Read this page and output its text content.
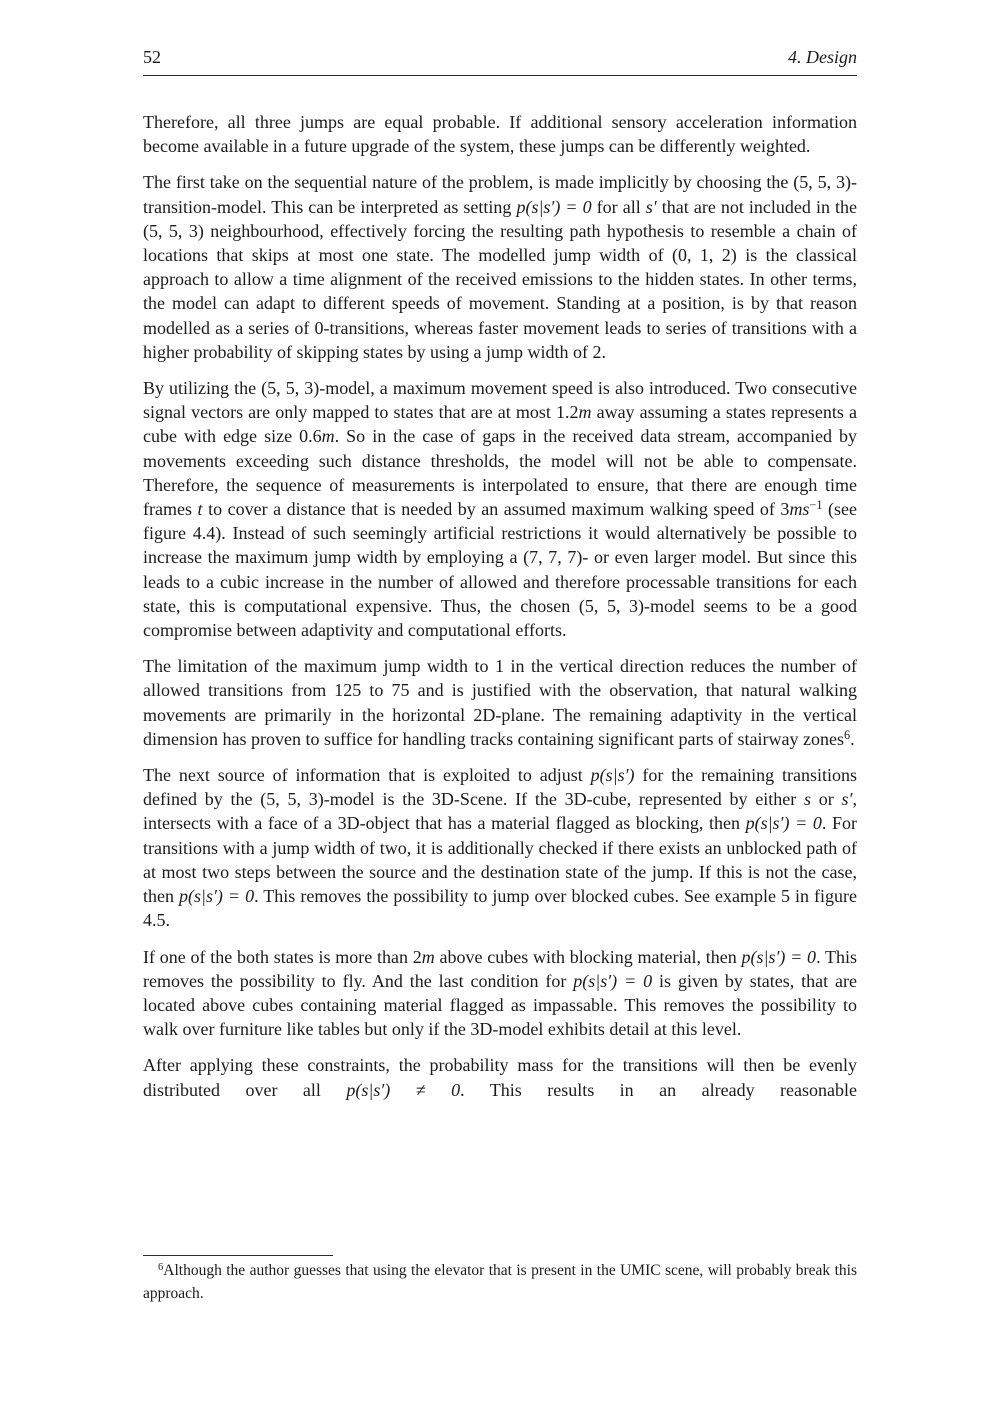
52	4. Design

Therefore, all three jumps are equal probable. If additional sensory acceleration information become available in a future upgrade of the system, these jumps can be differently weighted.

The first take on the sequential nature of the problem, is made implicitly by choosing the (5, 5, 3)-transition-model. This can be interpreted as setting p(s|s′) = 0 for all s′ that are not included in the (5, 5, 3) neighbourhood, effectively forcing the resulting path hypothesis to resemble a chain of locations that skips at most one state. The modelled jump width of (0, 1, 2) is the classical approach to allow a time alignment of the received emissions to the hidden states. In other terms, the model can adapt to different speeds of movement. Standing at a position, is by that reason modelled as a series of 0-transitions, whereas faster movement leads to series of transitions with a higher probability of skipping states by using a jump width of 2.

By utilizing the (5, 5, 3)-model, a maximum movement speed is also introduced. Two consecutive signal vectors are only mapped to states that are at most 1.2m away assuming a states represents a cube with edge size 0.6m. So in the case of gaps in the received data stream, accompanied by movements exceeding such distance thresholds, the model will not be able to compensate. Therefore, the sequence of measurements is interpolated to ensure, that there are enough time frames t to cover a distance that is needed by an assumed maximum walking speed of $3ms^{-1}$ (see figure 4.4). Instead of such seemingly artificial restrictions it would alternatively be possible to increase the maximum jump width by employing a (7, 7, 7)- or even larger model. But since this leads to a cubic increase in the number of allowed and therefore processable transitions for each state, this is computational expensive. Thus, the chosen (5, 5, 3)-model seems to be a good compromise between adaptivity and computational efforts.

The limitation of the maximum jump width to 1 in the vertical direction reduces the number of allowed transitions from 125 to 75 and is justified with the observation, that natural walking movements are primarily in the horizontal 2D-plane. The remaining adaptivity in the vertical dimension has proven to suffice for handling tracks containing significant parts of stairway zones$^6$.

The next source of information that is exploited to adjust p(s|s′) for the remaining transitions defined by the (5, 5, 3)-model is the 3D-Scene. If the 3D-cube, represented by either s or s′, intersects with a face of a 3D-object that has a material flagged as blocking, then p(s|s′) = 0. For transitions with a jump width of two, it is additionally checked if there exists an unblocked path of at most two steps between the source and the destination state of the jump. If this is not the case, then p(s|s′) = 0. This removes the possibility to jump over blocked cubes. See example 5 in figure 4.5.

If one of the both states is more than 2m above cubes with blocking material, then p(s|s′) = 0. This removes the possibility to fly. And the last condition for p(s|s′) = 0 is given by states, that are located above cubes containing material flagged as impassable. This removes the possibility to walk over furniture like tables but only if the 3D-model exhibits detail at this level.

After applying these constraints, the probability mass for the transitions will then be evenly distributed over all p(s|s′) ≠ 0. This results in an already reasonable

$^6$Although the author guesses that using the elevator that is present in the UMIC scene, will probably break this approach.
